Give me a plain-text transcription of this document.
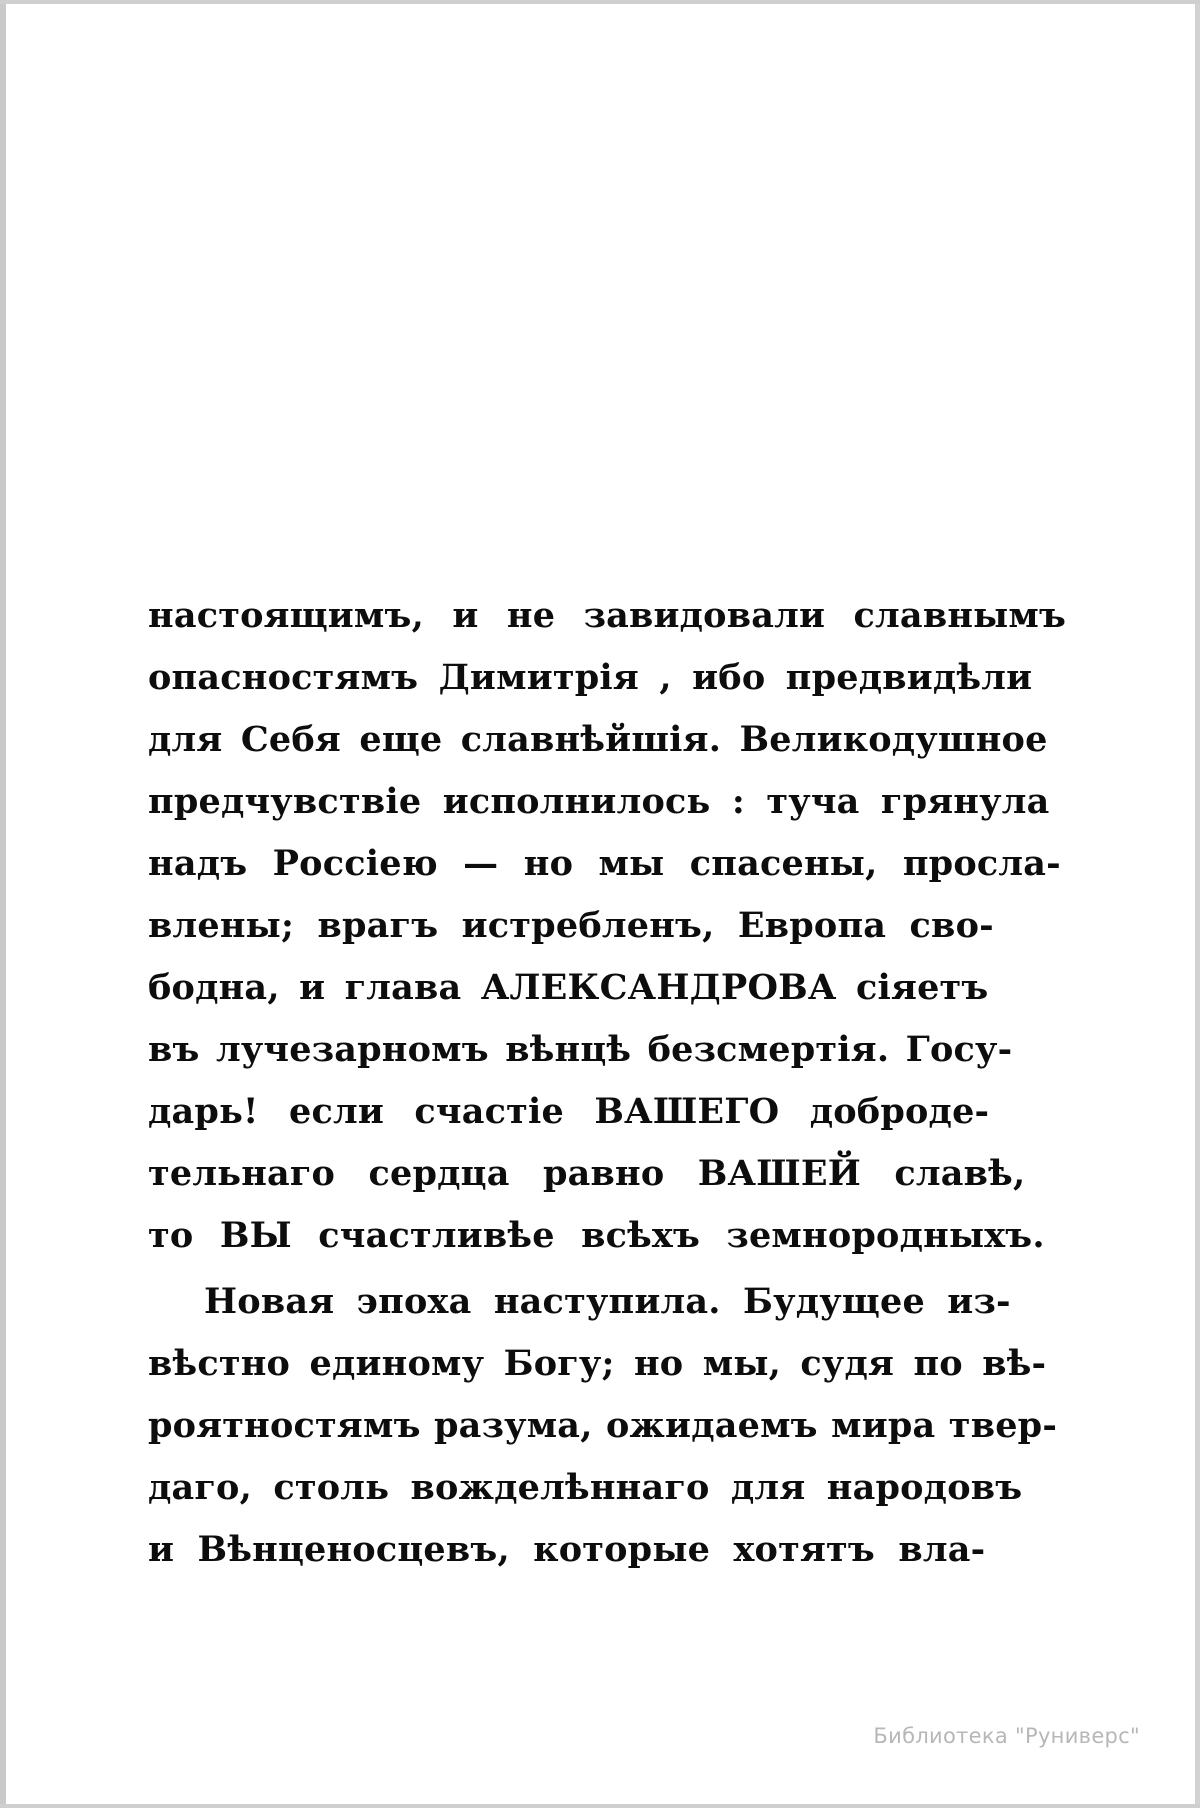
настоящимъ, и не завидовали славнымъ
опасностямъ Димитрія , ибо предвидѣли
для Себя еще славнѣйшія. Великодушное
предчувствіе исполнилось : туча грянула
надъ Россіею — но мы спасены, просла-
влены; врагъ истребленъ, Европа сво-
бодна, и глава АЛЕКСАНДРОВА сіяетъ
въ лучезарномъ вѣнцѣ безсмертія. Госу-
дарь! если счастіе ВАШЕГО доброде-
тельнаго сердца равно ВАШЕЙ славѣ,
то ВЫ счастливѣе всѣхъ земнородныхъ.

Новая эпоха наступила. Будущее из-
вѣстно единому Богу; но мы, судя по вѣ-
роятностямъ разума, ожидаемъ мира твер-
даго, столь вожделѣннаго для народовъ
и Вѣнценосцевъ, которые хотятъ вла-

Библиотека "Руниверс"
